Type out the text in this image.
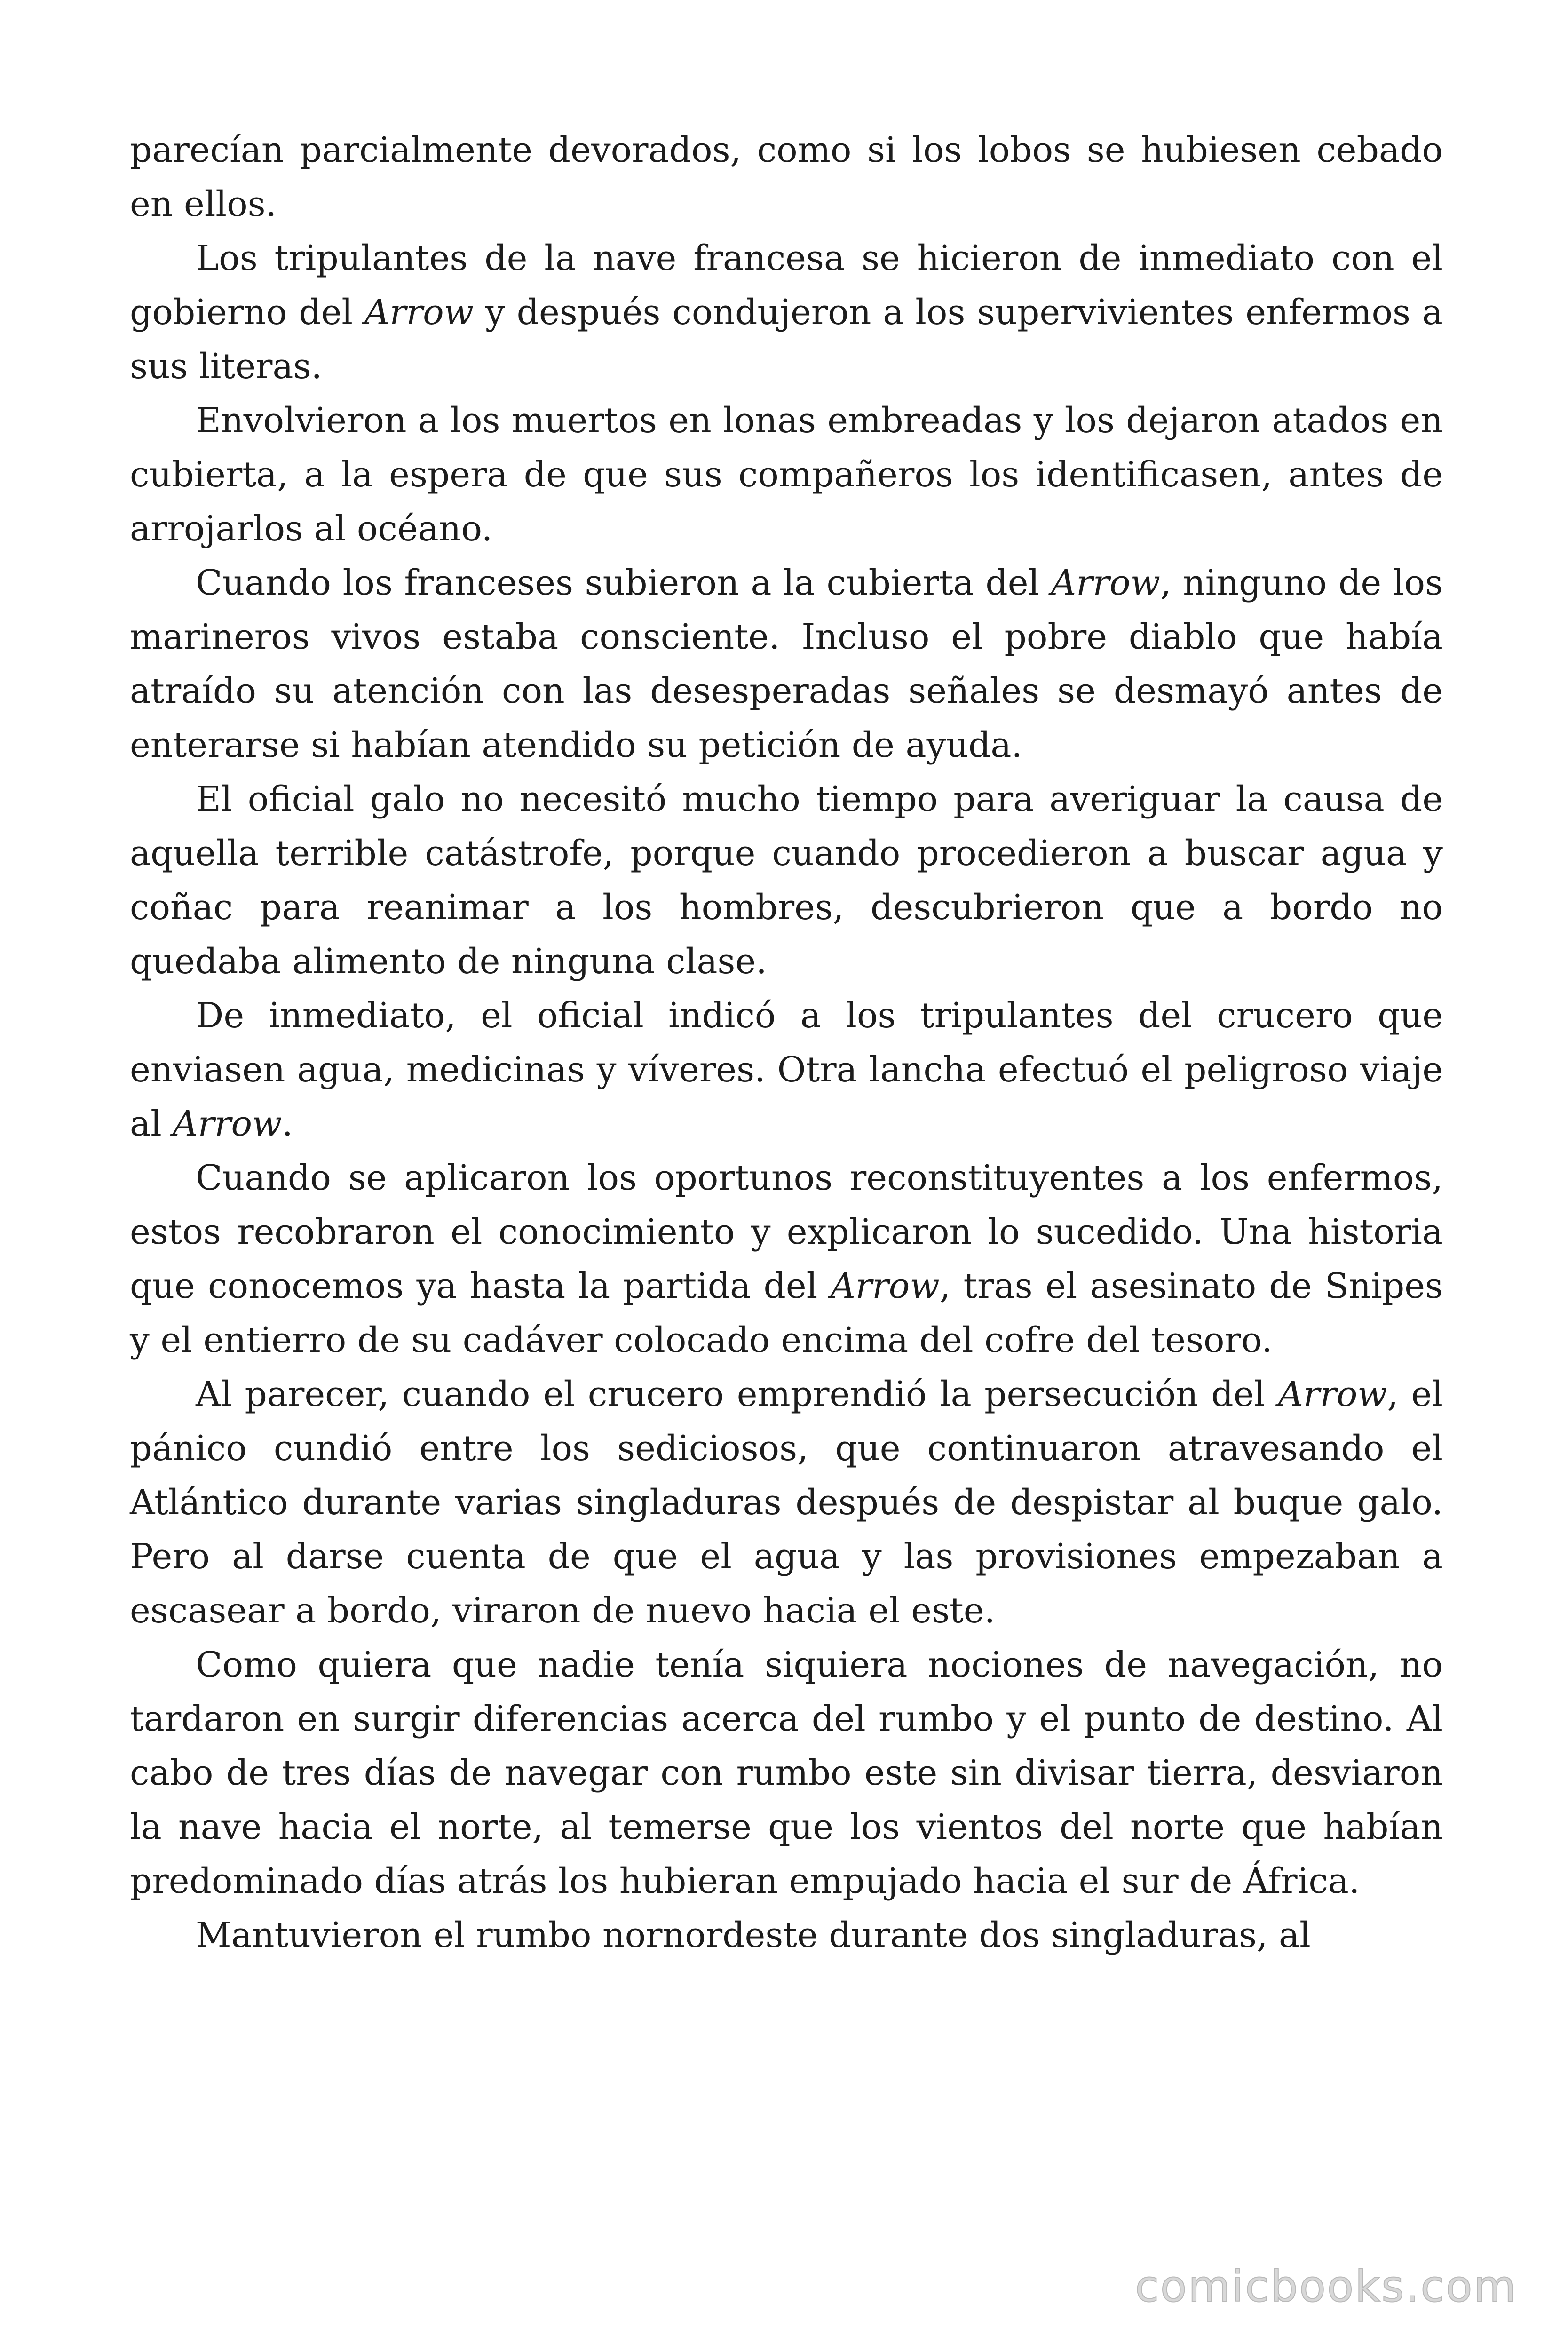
parecían parcialmente devorados, como si los lobos se hubiesen cebado en ellos.

Los tripulantes de la nave francesa se hicieron de inmediato con el gobierno del Arrow y después condujeron a los supervivientes enfermos a sus literas.

Envolvieron a los muertos en lonas embreadas y los dejaron atados en cubierta, a la espera de que sus compañeros los identificasen, antes de arrojarlos al océano.

Cuando los franceses subieron a la cubierta del Arrow, ninguno de los marineros vivos estaba consciente. Incluso el pobre diablo que había atraído su atención con las desesperadas señales se desmayó antes de enterarse si habían atendido su petición de ayuda.

El oficial galo no necesitó mucho tiempo para averiguar la causa de aquella terrible catástrofe, porque cuando procedieron a buscar agua y coñac para reanimar a los hombres, descubrieron que a bordo no quedaba alimento de ninguna clase.

De inmediato, el oficial indicó a los tripulantes del crucero que enviasen agua, medicinas y víveres. Otra lancha efectuó el peligroso viaje al Arrow.

Cuando se aplicaron los oportunos reconstituyentes a los enfermos, estos recobraron el conocimiento y explicaron lo sucedido. Una historia que conocemos ya hasta la partida del Arrow, tras el asesinato de Snipes y el entierro de su cadáver colocado encima del cofre del tesoro.

Al parecer, cuando el crucero emprendió la persecución del Arrow, el pánico cundió entre los sediciosos, que continuaron atravesando el Atlántico durante varias singladuras después de despistar al buque galo. Pero al darse cuenta de que el agua y las provisiones empezaban a escasear a bordo, viraron de nuevo hacia el este.

Como quiera que nadie tenía siquiera nociones de navegación, no tardaron en surgir diferencias acerca del rumbo y el punto de destino. Al cabo de tres días de navegar con rumbo este sin divisar tierra, desviaron la nave hacia el norte, al temerse que los vientos del norte que habían predominado días atrás los hubieran empujado hacia el sur de África.

Mantuvieron el rumbo nornordeste durante dos singladuras, al

comicbooks.com
